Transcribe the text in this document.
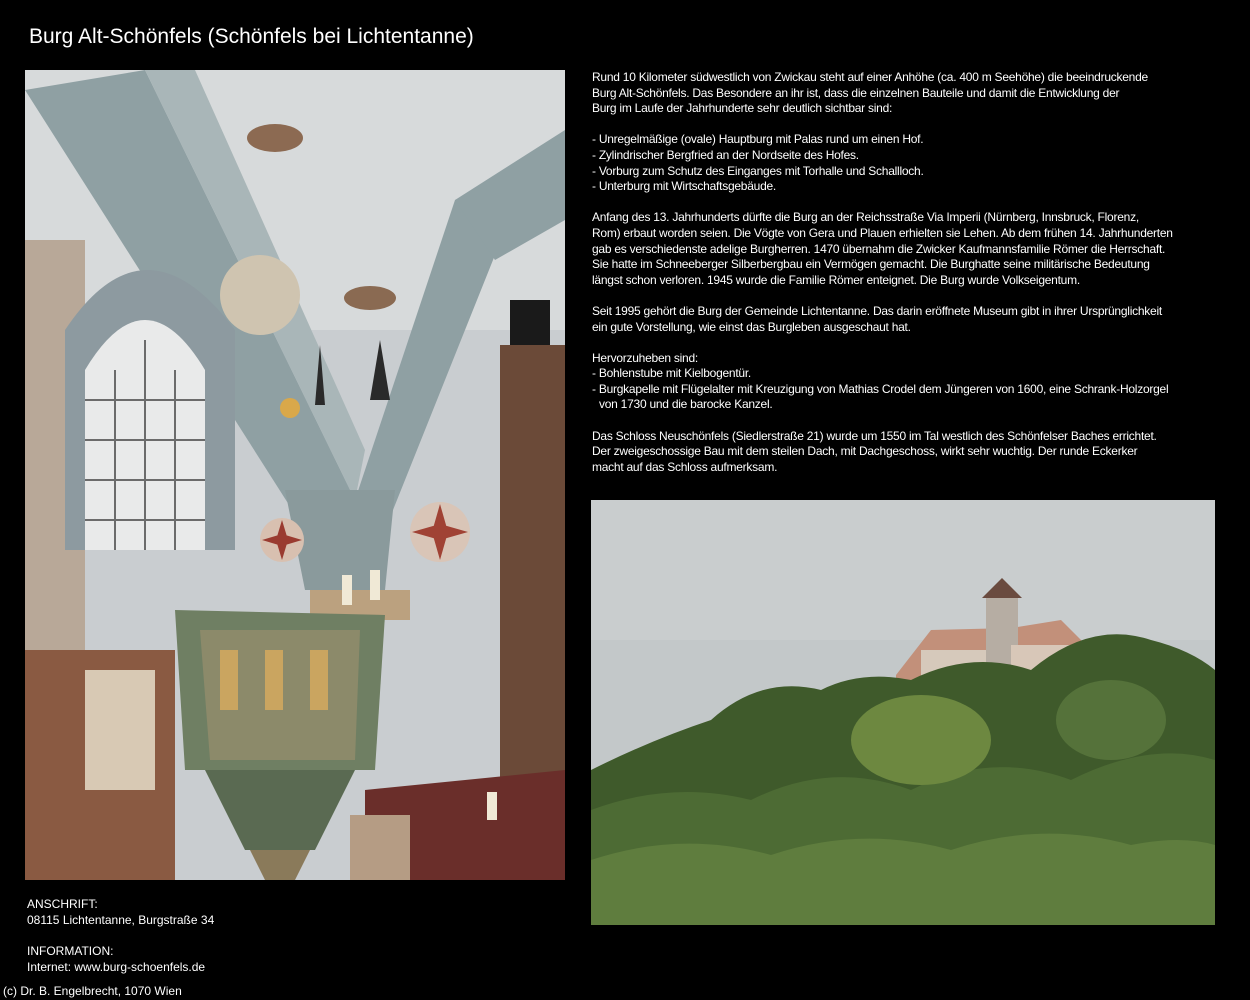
Burg Alt-Schönfels (Schönfels bei Lichtentanne)

Rund 10 Kilometer südwestlich von Zwickau steht auf einer Anhöhe (ca. 400 m Seehöhe) die beeindruckende
Burg Alt-Schönfels. Das Besondere an ihr ist, dass die einzelnen Bauteile und damit die Entwicklung der
Burg im Laufe der Jahrhunderte sehr deutlich sichtbar sind:

- Unregelmäßige (ovale) Hauptburg mit Palas rund um einen Hof.
- Zylindrischer Bergfried an der Nordseite des Hofes.
- Vorburg zum Schutz des Einganges mit Torhalle und Schallloch.
- Unterburg mit Wirtschaftsgebäude.

Anfang des 13. Jahrhunderts dürfte die Burg an der Reichsstraße Via Imperii (Nürnberg, Innsbruck, Florenz,
Rom) erbaut worden seien. Die Vögte von Gera und Plauen erhielten sie Lehen. Ab dem frühen 14. Jahrhunderten
gab es verschiedenste adelige Burgherren. 1470 übernahm die Zwicker Kaufmannsfamilie Römer die Herrschaft.
Sie hatte im Schneeberger Silberbergbau ein Vermögen gemacht. Die Burghatte seine militärische Bedeutung
längst schon verloren. 1945 wurde die Familie Römer enteignet. Die Burg wurde Volkseigentum.

Seit 1995 gehört die Burg der Gemeinde Lichtentanne. Das darin eröffnete Museum gibt in ihrer Ursprünglichkeit
ein gute Vorstellung, wie einst das Burgleben ausgeschaut hat.

Hervorzuheben sind:
- Bohlenstube mit Kielbogentür.
- Burgkapelle mit Flügelalter mit Kreuzigung von Mathias Crodel dem Jüngeren von 1600, eine Schrank-Holzorgel
von 1730 und die barocke Kanzel.

Das Schloss Neuschönfels (Siedlerstraße 21) wurde um 1550 im Tal westlich des Schönfelser Baches errichtet.
Der zweigeschossige Bau mit dem steilen Dach, mit Dachgeschoss, wirkt sehr wuchtig. Der runde Eckerker
macht auf das Schloss aufmerksam.

ANSCHRIFT:
08115 Lichtentanne, Burgstraße 34
INFORMATION:
Internet: www.burg-schoenfels.de
(c) Dr. B. Engelbrecht, 1070 Wien
